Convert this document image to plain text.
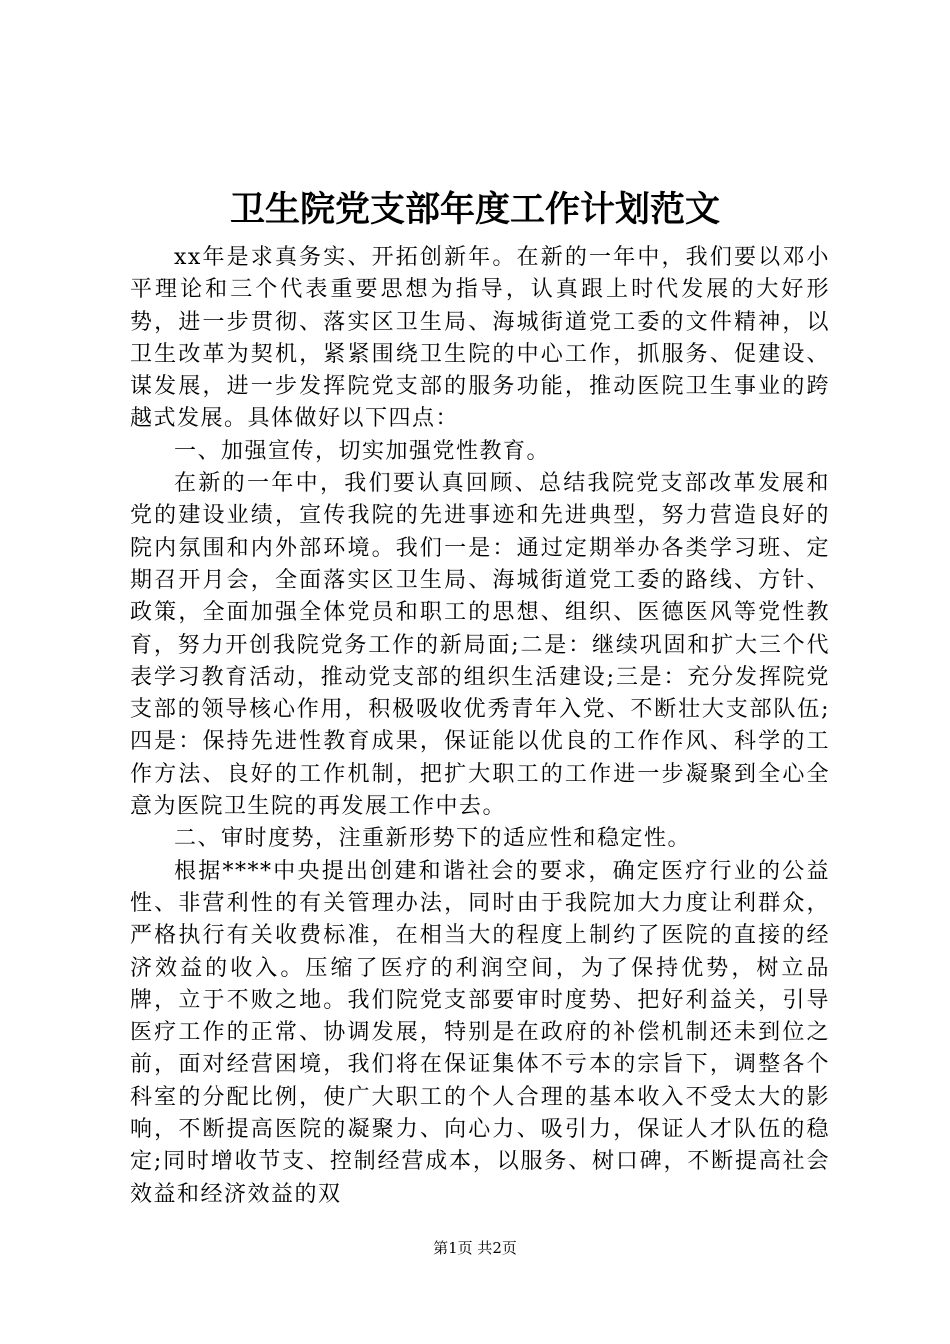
卫生院党支部年度工作计划范文

xx年是求真务实、开拓创新年。在新的一年中，我们要以邓小平理论和三个代表重要思想为指导，认真跟上时代发展的大好形势，进一步贯彻、落实区卫生局、海城街道党工委的文件精神，以卫生改革为契机，紧紧围绕卫生院的中心工作，抓服务、促建设、谋发展，进一步发挥院党支部的服务功能，推动医院卫生事业的跨越式发展。具体做好以下四点：

一、加强宣传，切实加强党性教育。

在新的一年中，我们要认真回顾、总结我院党支部改革发展和党的建设业绩，宣传我院的先进事迹和先进典型，努力营造良好的院内氛围和内外部环境。我们一是：通过定期举办各类学习班、定期召开月会，全面落实区卫生局、海城街道党工委的路线、方针、政策，全面加强全体党员和职工的思想、组织、医德医风等党性教育，努力开创我院党务工作的新局面;二是：继续巩固和扩大三个代表学习教育活动，推动党支部的组织生活建设;三是：充分发挥院党支部的领导核心作用，积极吸收优秀青年入党、不断壮大支部队伍;四是：保持先进性教育成果，保证能以优良的工作作风、科学的工作方法、良好的工作机制，把扩大职工的工作进一步凝聚到全心全意为医院卫生院的再发展工作中去。

二、审时度势，注重新形势下的适应性和稳定性。

根据****中央提出创建和谐社会的要求，确定医疗行业的公益性、非营利性的有关管理办法，同时由于我院加大力度让利群众，严格执行有关收费标准，在相当大的程度上制约了医院的直接的经济效益的收入。压缩了医疗的利润空间，为了保持优势，树立品牌，立于不败之地。我们院党支部要审时度势、把好利益关，引导医疗工作的正常、协调发展，特别是在政府的补偿机制还未到位之前，面对经营困境，我们将在保证集体不亏本的宗旨下，调整各个科室的分配比例，使广大职工的个人合理的基本收入不受太大的影响，不断提高医院的凝聚力、向心力、吸引力，保证人才队伍的稳定;同时增收节支、控制经营成本，以服务、树口碑，不断提高社会效益和经济效益的双

第1页 共2页
